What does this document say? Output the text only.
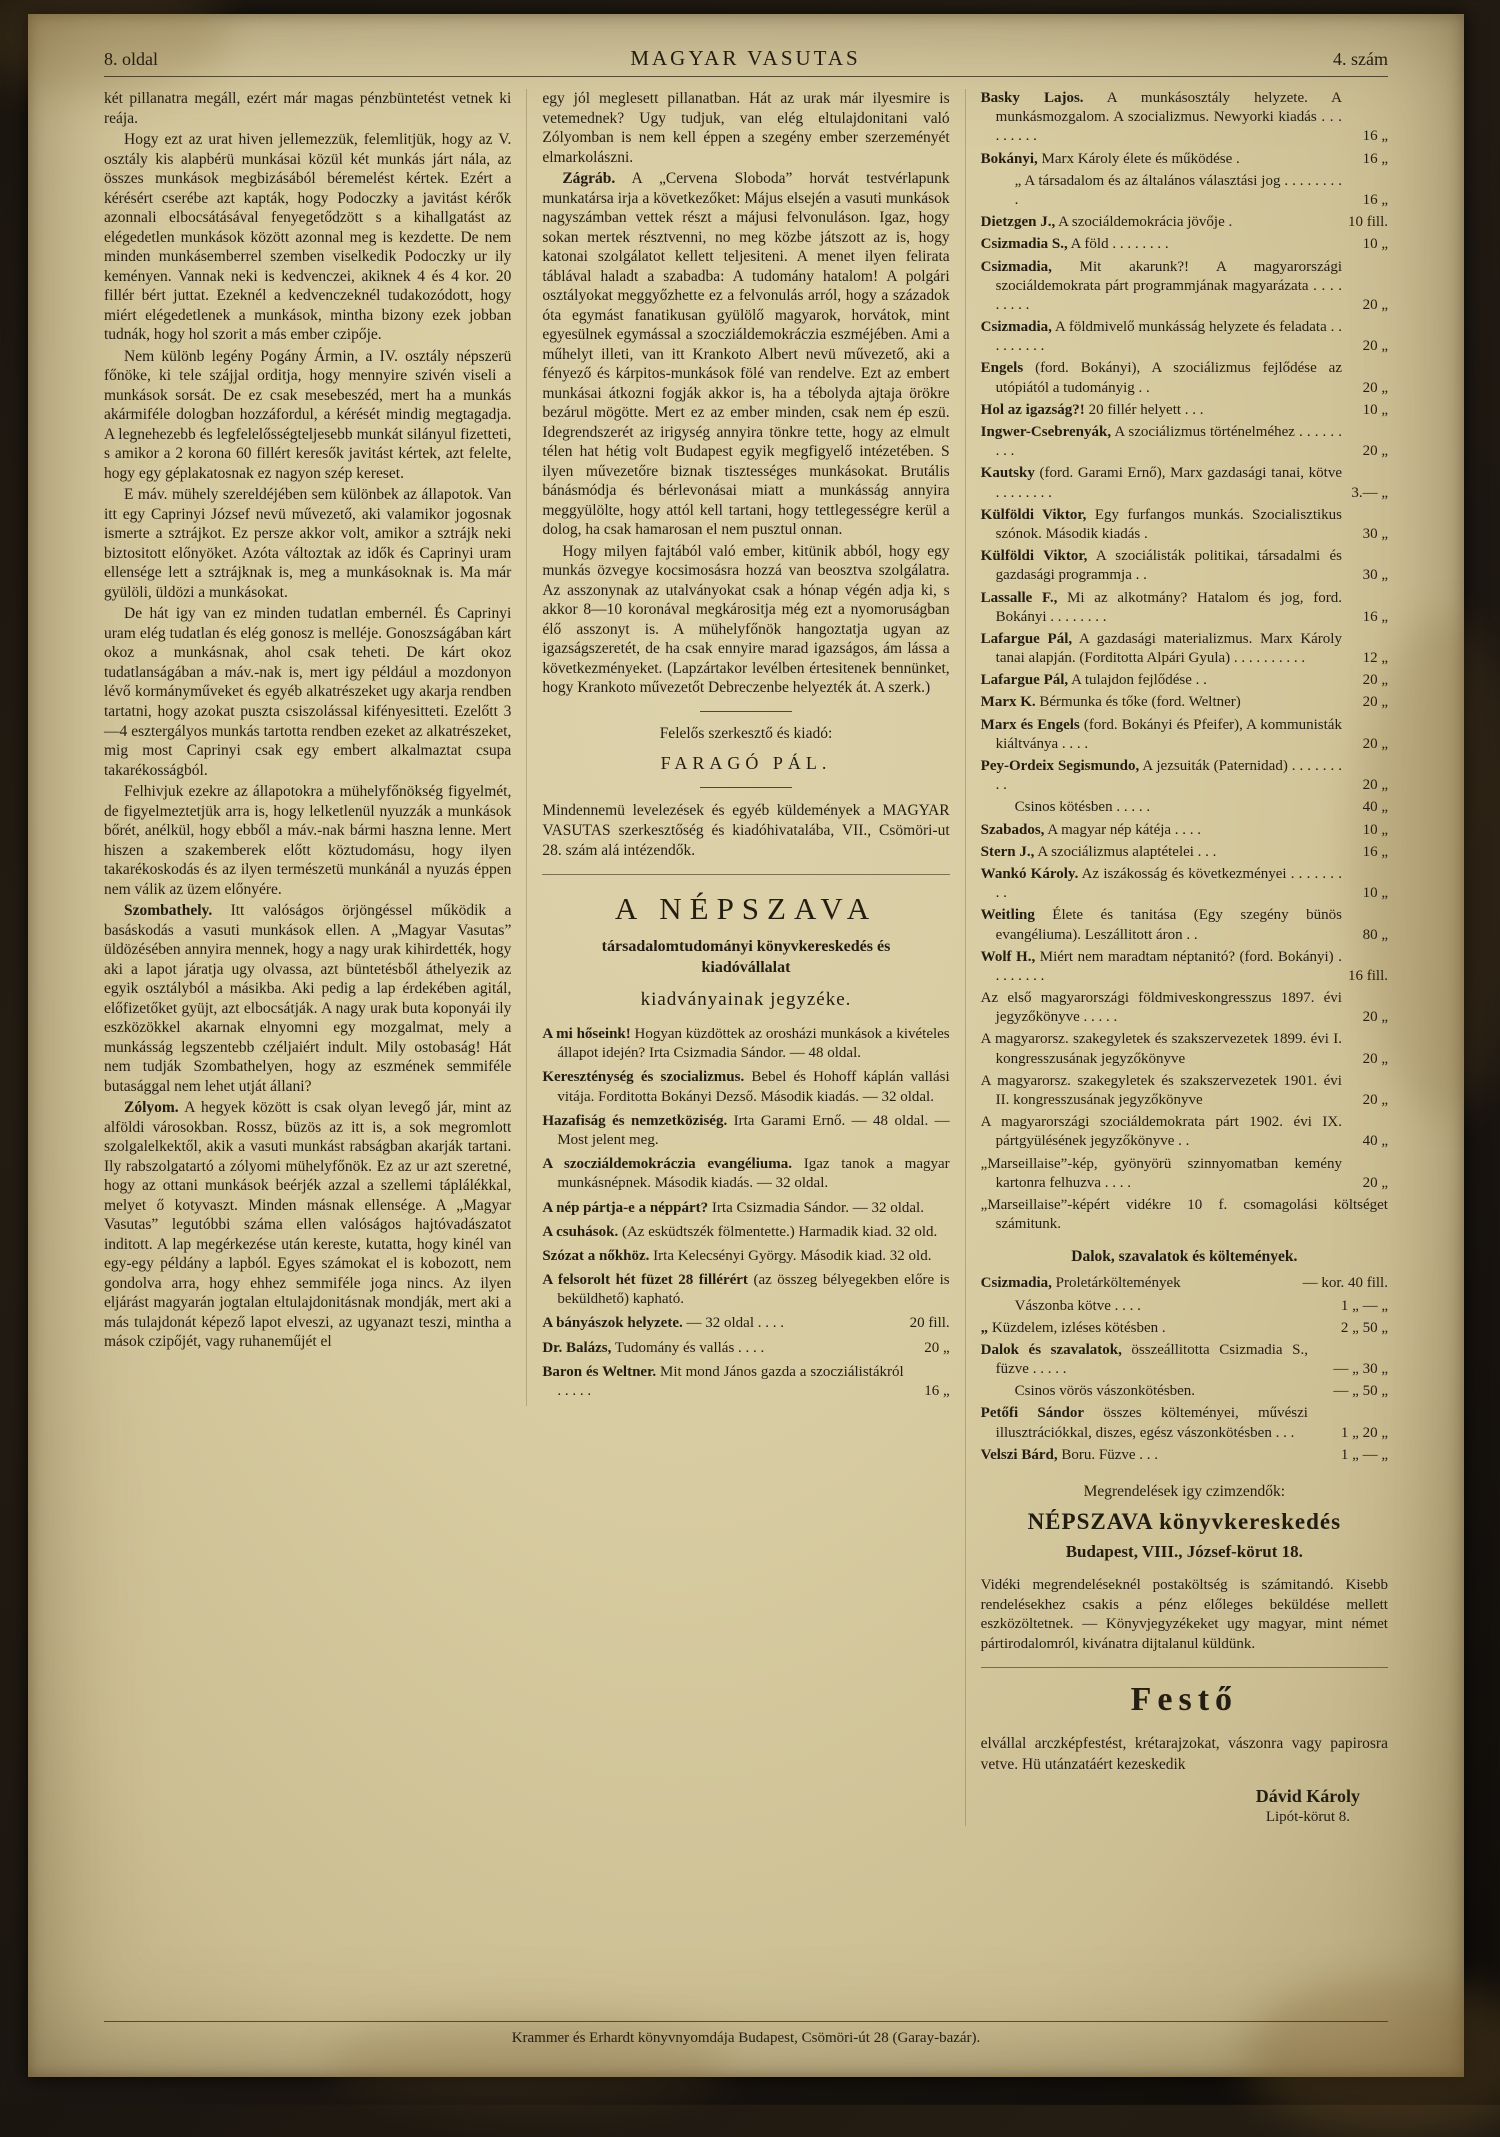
8. oldal	MAGYAR VASUTAS	4. szám

két pillanatra megáll, ezért már magas pénzbüntetést vetnek ki reája.

Hogy ezt az urat hiven jellemezzük, felemlitjük, hogy az V. osztály kis alapbérü munkásai közül két munkás járt nála, az összes munkások megbizásából béremelést kértek. Ezért a kérésért cserébe azt kapták, hogy Podoczky a javitást kérők azonnali elbocsátásával fenyegetődzött s a kihallgatást az elégedetlen munkások között azonnal meg is kezdette. De nem minden munkásemberrel szemben viselkedik Podoczky ur ily keményen. Vannak neki is kedvenczei, akiknek 4 és 4 kor. 20 fillér bért juttat. Ezeknél a kedvenczeknél tudakozódott, hogy miért elégedetlenek a munkások, mintha bizony ezek jobban tudnák, hogy hol szorit a más ember czipője.

Nem különb legény Pogány Ármin, a IV. osztály népszerü főnöke, ki tele szájjal orditja, hogy mennyire szivén viseli a munkások sorsát. De ez csak mesebeszéd, mert ha a munkás akármiféle dologban hozzáfordul, a kérését mindig megtagadja. A legnehezebb és legfelelősségteljesebb munkát silányul fizetteti, s amikor a 2 korona 60 fillért keresők javitást kértek, azt felelte, hogy egy géplakatosnak ez nagyon szép kereset.

E máv. mühely szereldéjében sem különbek az állapotok. Van itt egy Caprinyi József nevü művezető, aki valamikor jogosnak ismerte a sztrájkot. Ez persze akkor volt, amikor a sztrájk neki biztositott előnyöket. Azóta változtak az idők és Caprinyi uram ellensége lett a sztrájknak is, meg a munkásoknak is. Ma már gyülöli, üldözi a munkásokat.

De hát igy van ez minden tudatlan embernél. És Caprinyi uram elég tudatlan és elég gonosz is melléje. Gonoszságában kárt okoz a munkásnak, ahol csak teheti. De kárt okoz tudatlanságában a máv.-nak is, mert igy például a mozdonyon lévő kormányműveket és egyéb alkatrészeket ugy akarja rendben tartatni, hogy azokat puszta csiszolással kifényesitteti. Ezelőtt 3—4 esztergályos munkás tartotta rendben ezeket az alkatrészeket, mig most Caprinyi csak egy embert alkalmaztat csupa takarékosságból.

Felhivjuk ezekre az állapotokra a mühelyfőnökség figyelmét, de figyelmeztetjük arra is, hogy lelketlenül nyuzzák a munkások bőrét, anélkül, hogy ebből a máv.-nak bármi haszna lenne. Mert hiszen a szakemberek előtt köztudomásu, hogy ilyen takarékoskodás és az ilyen természetü munkánál a nyuzás éppen nem válik az üzem előnyére.

Szombathely. Itt valóságos örjöngéssel működik a basáskodás a vasuti munkások ellen. A „Magyar Vasutas” üldözésében annyira mennek, hogy a nagy urak kihirdették, hogy aki a lapot járatja ugy olvassa, azt büntetésből áthelyezik az egyik osztályból a másikba. Aki pedig a lap érdekében agitál, előfizetőket gyüjt, azt elbocsátják. A nagy urak buta koponyái ily eszközökkel akarnak elnyomni egy mozgalmat, mely a munkásság legszentebb czéljaiért indult. Mily ostobaság! Hát nem tudják Szombathelyen, hogy az eszmének semmiféle butasággal nem lehet utját állani?

Zólyom. A hegyek között is csak olyan levegő jár, mint az alföldi városokban. Rossz, büzös az itt is, a sok megromlott szolgalelkektől, akik a vasuti munkást rabságban akarják tartani. Ily rabszolgatartó a zólyomi mühelyfőnök. Ez az ur azt szeretné, hogy az ottani munkások beérjék azzal a szellemi táplálékkal, melyet ő kotyvaszt. Minden másnak ellensége. A „Magyar Vasutas” legutóbbi száma ellen valóságos hajtóvadászatot inditott. A lap megérkezése után kereste, kutatta, hogy kinél van egy-egy példány a lapból. Egyes számokat el is kobozott, nem gondolva arra, hogy ehhez semmiféle joga nincs. Az ilyen eljárást magyarán jogtalan eltulajdonitásnak mondják, mert aki a más tulajdonát képező lapot elveszi, az ugyanazt teszi, mintha a mások czipőjét, vagy ruhaneműjét el

egy jól meglesett pillanatban. Hát az urak már ilyesmire is vetemednek? Ugy tudjuk, van elég eltulajdonitani való Zólyomban is nem kell éppen a szegény ember szerzeményét elmarkolászni.

Zágráb. A „Cervena Sloboda” horvát testvérlapunk munkatársa irja a következőket: Május elsején a vasuti munkások nagyszámban vettek részt a májusi felvonuláson. Igaz, hogy sokan mertek résztvenni, no meg közbe játszott az is, hogy katonai szolgálatot kellett teljesiteni. A menet ilyen felirata táblával haladt a szabadba: A tudomány hatalom! A polgári osztályokat meggyőzhette ez a felvonulás arról, hogy a századok óta egymást fanatikusan gyülölő magyarok, horvátok, mint egyesülnek egymással a szocziáldemokráczia eszméjében. Ami a műhelyt illeti, van itt Krankoto Albert nevü művezető, aki a fényező és kárpitos-munkások fölé van rendelve. Ezt az embert munkásai átkozni fogják akkor is, ha a tébolyda ajtaja örökre bezárul mögötte. Mert ez az ember minden, csak nem ép eszü. Idegrendszerét az irigység annyira tönkre tette, hogy az elmult télen hat hétig volt Budapest egyik megfigyelő intézetében. S ilyen művezetőre biznak tisztességes munkásokat. Brutális bánásmódja és bérlevonásai miatt a munkásság annyira meggyülölte, hogy attól kell tartani, hogy tettlegességre kerül a dolog, ha csak hamarosan el nem pusztul onnan.

Hogy milyen fajtából való ember, kitünik abból, hogy egy munkás özvegye kocsimosásra hozzá van beosztva szolgálatra. Az asszonynak az utalványokat csak a hónap végén adja ki, s akkor 8—10 koronával megkárositja még ezt a nyomoruságban élő asszonyt is. A mühelyfőnök hangoztatja ugyan az igazságszeretét, de ha csak ennyire marad igazságos, ám lássa a következményeket. (Lapzártakor levélben értesitenek bennünket, hogy Krankoto művezetőt Debreczenbe helyezték át. A szerk.)

Felelős szerkesztő és kiadó:

FARAGÓ PÁL.

Mindennemü levelezések és egyéb küldemények a MAGYAR VASUTAS szerkesztőség és kiadóhivatalába, VII., Csömöri-ut 28. szám alá intézendők.

A NÉPSZAVA

társadalomtudományi könyvkereskedés és kiadóvállalat

kiadványainak jegyzéke.

A mi hőseink! Hogyan küzdöttek az orosházi munkások a kivételes állapot idején? Irta Csizmadia Sándor. — 48 oldal.

Kereszténység és szocializmus. Bebel és Hohoff káplán vallási vitája. Forditotta Bokányi Dezső. Második kiadás. — 32 oldal.

Hazafiság és nemzetköziség. Irta Garami Ernő. — 48 oldal. — Most jelent meg.

A szocziáldemokráczia evangéliuma. Igaz tanok a magyar munkásnépnek. Második kiadás. — 32 oldal.

A nép pártja-e a néppárt? Irta Csizmadia Sándor. — 32 oldal.

A csuhások. (Az esküdtszék fölmentette.) Harmadik kiad. 32 old.

Szózat a nőkhöz. Irta Kelecsényi György. Második kiad. 32 old.

A felsorolt hét füzet 28 fillérért (az összeg bélyegekben előre is beküldhető) kapható.

A bányászok helyzete. — 32 oldal . . . .	20 fill.

Dr. Balázs, Tudomány és vallás . . . .	20 „

Baron és Weltner. Mit mond János gazda a szocziálistákról . . . . .	16 „

Basky Lajos. A munkásosztály helyzete. A munkásmozgalom. A szocializmus. Newyorki kiadás . . . . . . . . .	16 „

Bokányi, Marx Károly élete és működése .	16 „

„ A társadalom és az általános választási jog . . . . . . . . .	16 „

Dietzgen J., A szociáldemokrácia jövője .	10 fill.

Csizmadia S., A föld . . . . . . . .	10 „

Csizmadia, Mit akarunk?! A magyarországi szociáldemokrata párt programmjának magyarázata . . . . . . . . .	20 „

Csizmadia, A földmivelő munkásság helyzete és feladata . . . . . . . . .	20 „

Engels (ford. Bokányi), A szociálizmus fejlődése az utópiától a tudományig . .	20 „

Hol az igazság?! 20 fillér helyett . . .	10 „

Ingwer-Csebrenyák, A szociálizmus történelméhez . . . . . . . . .	20 „

Kautsky (ford. Garami Ernő), Marx gazdasági tanai, kötve . . . . . . . .	3.— „

Külföldi Viktor, Egy furfangos munkás. Szocialisztikus szónok. Második kiadás .	30 „

Külföldi Viktor, A szociálisták politikai, társadalmi és gazdasági programmja . .	30 „

Lassalle F., Mi az alkotmány? Hatalom és jog, ford. Bokányi . . . . . . . .	16 „

Lafargue Pál, A gazdasági materializmus. Marx Károly tanai alapján. (Forditotta Alpári Gyula) . . . . . . . . . .	12 „

Lafargue Pál, A tulajdon fejlődése . .	20 „

Marx K. Bérmunka és tőke (ford. Weltner)	20 „

Marx és Engels (ford. Bokányi és Pfeifer), A kommunisták kiáltványa . . . .	20 „

Pey-Ordeix Segismundo, A jezsuiták (Paternidad) . . . . . . . . .	20 „

Csinos kötésben . . . . .	40 „

Szabados, A magyar nép kátéja . . . .	10 „

Stern J., A szociálizmus alaptételei . . .	16 „

Wankó Károly. Az iszákosság és következményei . . . . . . . . .	10 „

Weitling Élete és tanitása (Egy szegény bünös evangéliuma). Leszállitott áron . .	80 „

Wolf H., Miért nem maradtam néptanitó? (ford. Bokányi) . . . . . . . .	16 fill.

Az első magyarországi földmiveskongresszus 1897. évi jegyzőkönyve . . . . .	20 „

A magyarorsz. szakegyletek és szakszervezetek 1899. évi I. kongresszusának jegyzőkönyve	20 „

A magyarorsz. szakegyletek és szakszervezetek 1901. évi II. kongresszusának jegyzőkönyve	20 „

A magyarországi szociáldemokrata párt 1902. évi IX. pártgyülésének jegyzőkönyve . .	40 „

„Marseillaise”-kép, gyönyörü szinnyomatban kemény kartonra felhuzva . . . .	20 „

„Marseillaise”-képért vidékre 10 f. csomagolási költséget számitunk.

Dalok, szavalatok és költemények.

Csizmadia, Proletárköltemények	— kor. 40 fill.

Vászonba kötve . . . .	1 „ — „

„ Küzdelem, izléses kötésben .	2 „ 50 „

Dalok és szavalatok, összeállitotta Csizmadia S., füzve . . . . .	— „ 30 „

Csinos vörös vászonkötésben.	— „ 50 „

Petőfi Sándor összes költeményei, művészi illusztrációkkal, diszes, egész vászonkötésben . . .	1 „ 20 „

Velszi Bárd, Boru. Füzve . . .	1 „ — „

Megrendelések igy czimzendők:

NÉPSZAVA könyvkereskedés

Budapest, VIII., József-körut 18.

Vidéki megrendeléseknél postaköltség is számitandó. Kisebb rendelésekhez csakis a pénz előleges beküldése mellett eszközöltetnek. — Könyvjegyzékeket ugy magyar, mint német pártirodalomról, kivánatra dijtalanul küldünk.

Festő

elvállal arczképfestést, krétarajzokat, vászonra vagy papirosra vetve. Hü utánzatáért kezeskedik

Dávid Károly

Lipót-körut 8.

Krammer és Erhardt könyvnyomdája Budapest, Csömöri-út 28 (Garay-bazár).
